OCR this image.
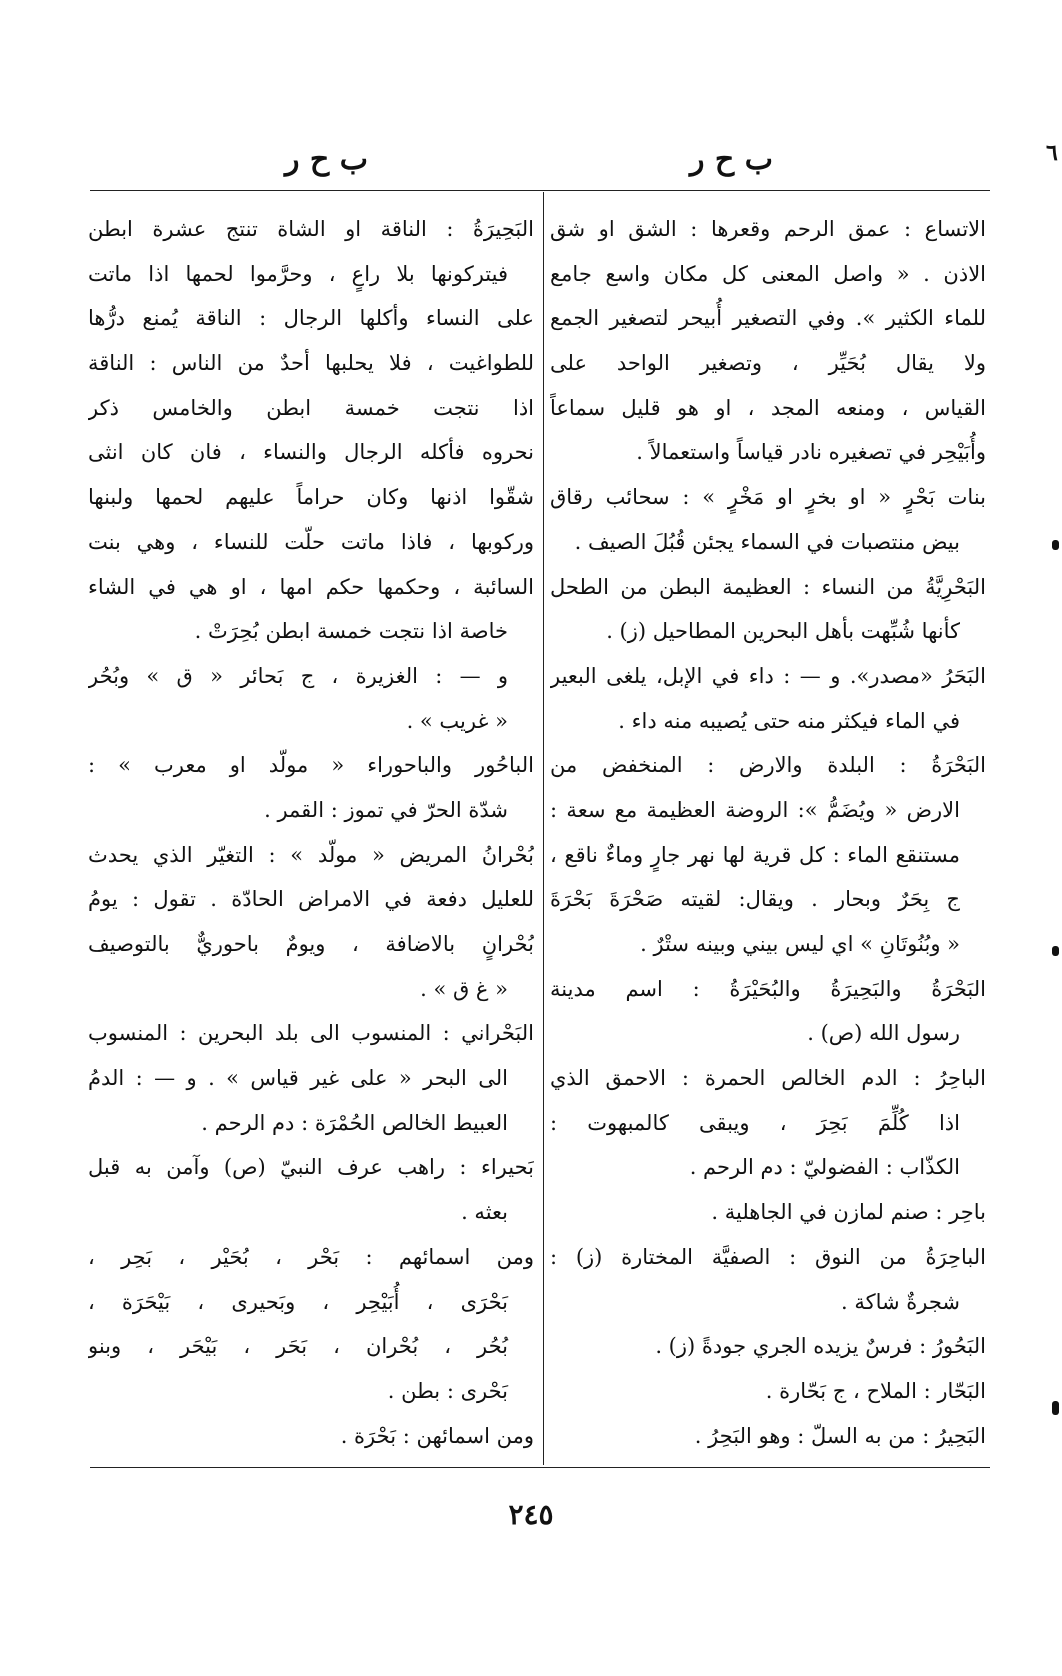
ب ح ر
ب ح ر	٦
الاتساع : عمق الرحم وقعرها : الشق او شق
الاذن . « واصل المعنى كل مكان واسع جامع
للماء الكثير ». وفي التصغير أُبيحر لتصغير الجمع
ولا يقال بُحَيِّر ، وتصغير الواحد على
القياس ، ومنعه المجد ، او هو قليل سماعاً
وأُبَيْحِر في تصغيره نادر قياساً واستعمالاً .
بنات بَحْرٍ « او بخرٍ او مَخْرٍ » : سحائب رقاق
بيض منتصبات في السماء يجئن قُبُلَ الصيف .
البَحْرِيَّةُ من النساء : العظيمة البطن من الطحل
كأنها شُبِّهت بأهل البحرين المطاحيل (ز) .
البَحَرُ «مصدر». و — : داء في الإبل، يلغى البعير
في الماء فيكثر منه حتى يُصيبه منه داء .
البَحْرَةُ : البلدة والارض : المنخفض من
الارض « ويُضَمُّ »: الروضة العظيمة مع سعة :
مستنقع الماء : كل قرية لها نهر جارٍ وماءٌ ناقع ،
ج بِحَرٌ وبحار . ويقال: لقيته صَحْرَةَ بَحْرَةَ
« وبُنُوتَانِ » اي ليس بيني وبينه ستْرٌ .
البَحْرَةُ والبَحِيرَةُ والبُحَيْرَةُ : اسم مدينة
رسول الله (ص) .
الباحِرُ : الدم الخالص الحمرة : الاحمق الذي
اذا كُلِّمَ بَحِرَ ، ويبقى كالمبهوت :
الكذّاب : الفضوليّ : دم الرحم .
باحِر : صنم لمازن في الجاهلية .
الباحِرَةُ من النوق : الصفيَّة المختارة (ز) :
شجرةٌ شاكة .
البَحُورُ : فرسٌ يزيده الجري جودةً (ز) .
البَحّار : الملاح ، ج بَحّارة .
البَحِيرُ : من به السلّ : وهو البَحِرُ .
البَحِيرَةُ : الناقة او الشاة تنتج عشرة ابطن
فيتركونها بلا راعٍ ، وحرَّموا لحمها اذا ماتت
على النساء وأكلها الرجال : الناقة يُمنع درُّها
للطواغيت ، فلا يحلبها أحدٌ من الناس : الناقة
اذا نتجت خمسة ابطن والخامس ذكر
نحروه فأكله الرجال والنساء ، فان كان انثى
شقّوا اذنها وكان حراماً عليهم لحمها ولبنها
وركوبها ، فاذا ماتت حلّت للنساء ، وهي بنت
السائبة ، وحكمها حكم امها ، او هي في الشاء
خاصة اذا نتجت خمسة ابطن بُحِرَتْ .
و — : الغزيرة ، ج بَحائر « ق » وبُحُر
« غريب » .
الباحُور والباحوراء « مولّد او معرب » :
شدّة الحرّ في تموز : القمر .
بُحْرانُ المريض « مولّد » : التغيّر الذي يحدث
للعليل دفعة في الامراض الحادّة . تقول : يومُ
بُحْرانٍ بالاضافة ، ويومٌ باحوريٌّ بالتوصيف
« غ ق » .
البَحْراني : المنسوب الى بلد البحرين : المنسوب
الى البحر « على غير قياس » . و — : الدمُ
العبيط الخالص الحُمْرَة : دم الرحم .
بَحيراء : راهب عرف النبيّ (ص) وآمن به قبل
بعثه .
ومن اسمائهم : بَحْر ، بُحَيْر ، بَحِر ،
بَحْرَى ، أُبَيْحِر ، وبَحيرى ، بَيْحَرَة ،
بُحُر ، بُحْران ، بَحَر ، بَيْحَر ، وبنو
بَحْرى : بطن .
ومن اسمائهن : بَحْرَة .
٢٤٥
